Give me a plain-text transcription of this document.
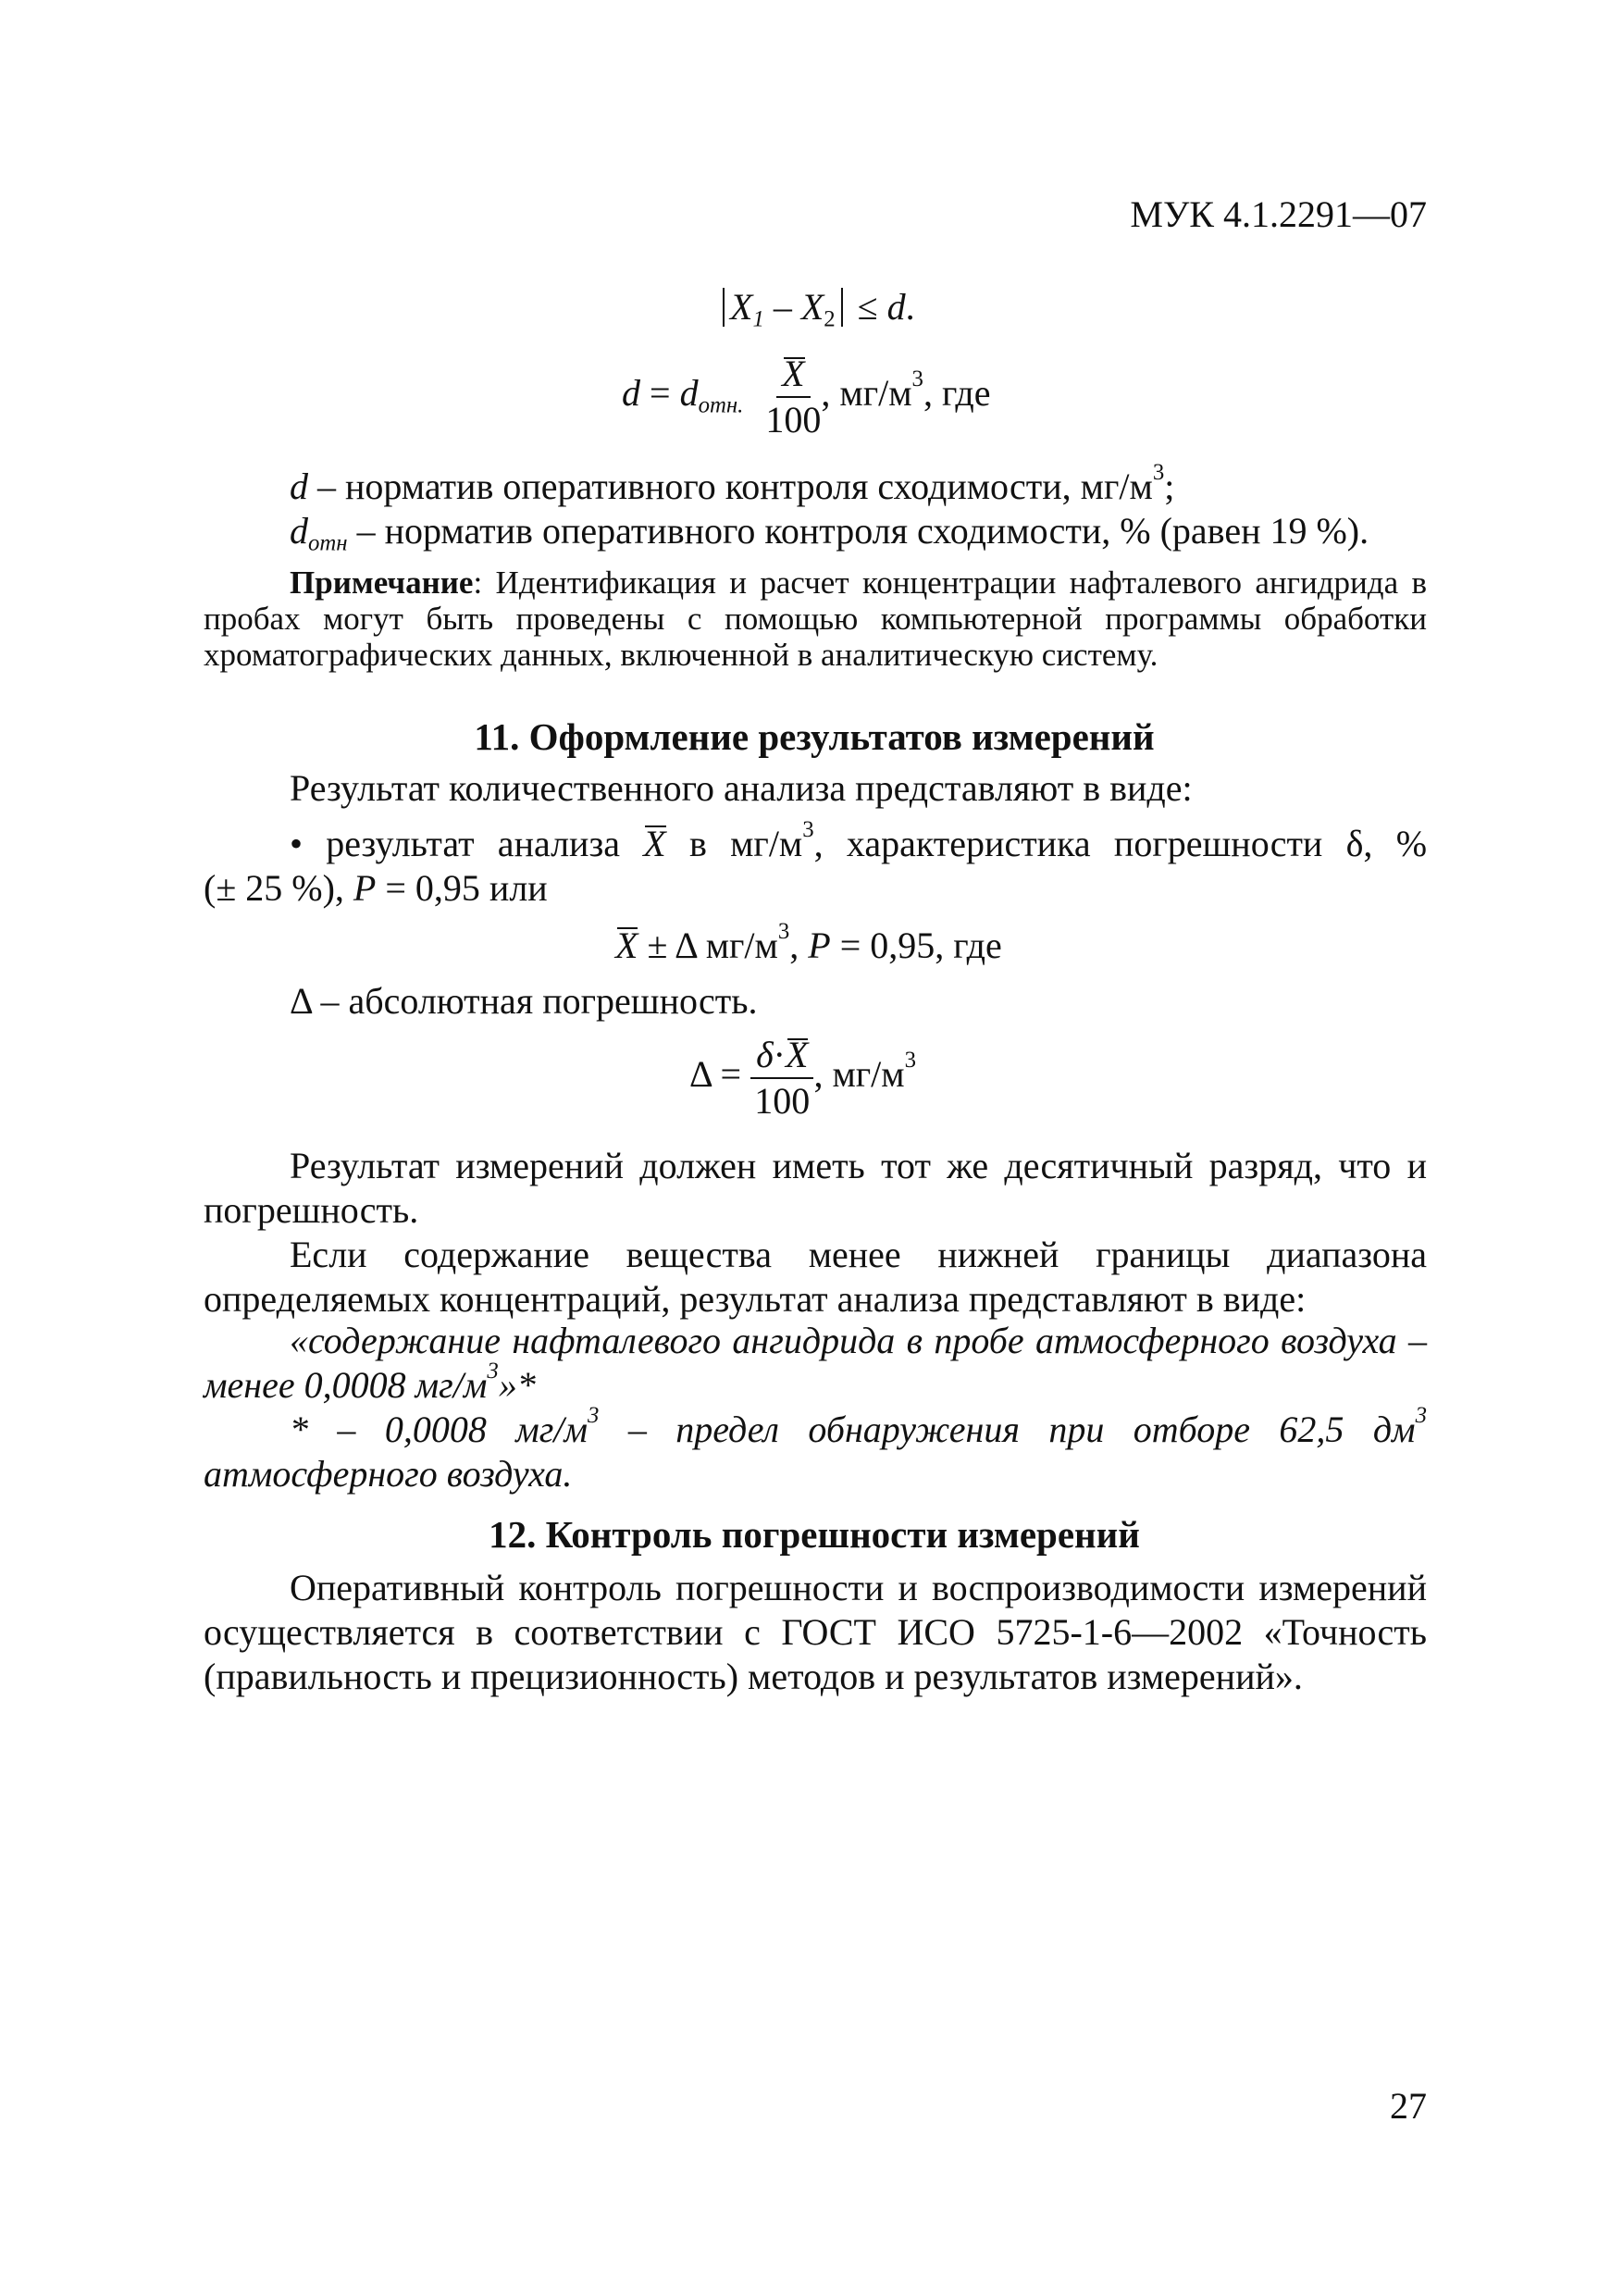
МУК 4.1.2291—07
$X_1 - X_2 \le d$.
$d = d_{отн.} \frac{X}{100}$ , $мг/м^3$, где
d – норматив оперативного контроля сходимости, $мг/м^3$;
$d_{отн}$ – норматив оперативного контроля сходимости, % (равен 19 %).
Примечание: Идентификация и расчет концентрации нафталевого ангидрида в пробах могут быть проведены с помощью компьютерной программы обработки хроматографических данных, включенной в аналитическую систему.
11. Оформление результатов измерений
Результат количественного анализа представляют в виде:
• результат анализа X в $мг/м^3$, характеристика погрешности δ, %
(± 25 %), P = 0,95 или
X ± Δ $мг/м^3$, P = 0,95, где
Δ – абсолютная погрешность.
$\Delta = \frac{\delta\cdot X}{100}$ , $мг/м^3$
Результат измерений должен иметь тот же десятичный разряд, что и погрешность.
Если содержание вещества менее нижней границы диапазона определяемых концентраций, результат анализа представляют в виде:
«содержание нафталевого ангидрида в пробе атмосферного воздуха – менее 0,0008 $мг/м^3»*$
* – 0,0008 $мг/м^3$ – предел обнаружения при отборе 62,5 $дм^3$ атмосферного воздуха.
12. Контроль погрешности измерений
Оперативный контроль погрешности и воспроизводимости измерений осуществляется в соответствии с ГОСТ ИСО 5725-1-6—2002 «Точность (правильность и прецизионность) методов и результатов измерений».
27
